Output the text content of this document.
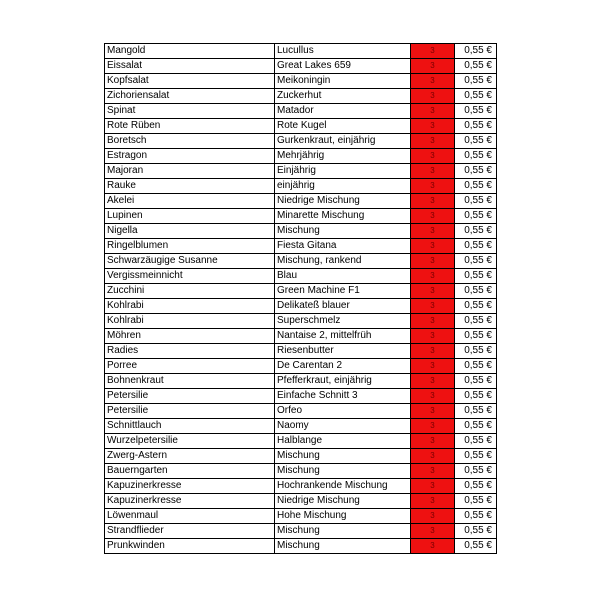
Mangold	Lucullus	3	0,55 €
Eissalat	Great Lakes 659	3	0,55 €
Kopfsalat	Meikoningin	3	0,55 €
Zichoriensalat	Zuckerhut	3	0,55 €
Spinat	Matador	3	0,55 €
Rote Rüben	Rote Kugel	3	0,55 €
Boretsch	Gurkenkraut, einjährig	3	0,55 €
Estragon	Mehrjährig	3	0,55 €
Majoran	Einjährig	3	0,55 €
Rauke	einjährig	3	0,55 €
Akelei	Niedrige Mischung	3	0,55 €
Lupinen	Minarette Mischung	3	0,55 €
Nigella	Mischung	3	0,55 €
Ringelblumen	Fiesta Gitana	3	0,55 €
Schwarzäugige Susanne	Mischung, rankend	3	0,55 €
Vergissmeinnicht	Blau	3	0,55 €
Zucchini	Green Machine F1	3	0,55 €
Kohlrabi	Delikateß blauer	3	0,55 €
Kohlrabi	Superschmelz	3	0,55 €
Möhren	Nantaise 2, mittelfrüh	3	0,55 €
Radies	Riesenbutter	3	0,55 €
Porree	De Carentan 2	3	0,55 €
Bohnenkraut	Pfefferkraut, einjährig	3	0,55 €
Petersilie	Einfache Schnitt 3	3	0,55 €
Petersilie	Orfeo	3	0,55 €
Schnittlauch	Naomy	3	0,55 €
Wurzelpetersilie	Halblange	3	0,55 €
Zwerg-Astern	Mischung	3	0,55 €
Bauerngarten	Mischung	3	0,55 €
Kapuzinerkresse	Hochrankende Mischung	3	0,55 €
Kapuzinerkresse	Niedrige Mischung	3	0,55 €
Löwenmaul	Hohe Mischung	3	0,55 €
Strandflieder	Mischung	3	0,55 €
Prunkwinden	Mischung	3	0,55 €
